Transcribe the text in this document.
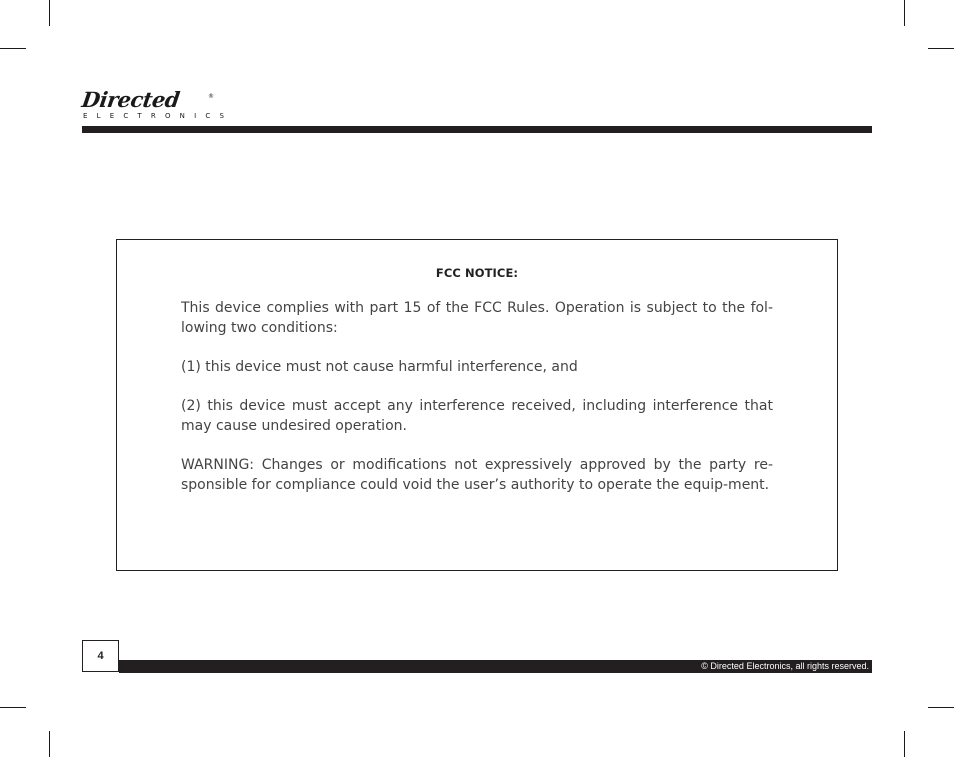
Directed	®
ELECTRONICS
FCC NOTICE:

This device complies with part 15 of the FCC Rules. Operation is subject to the fol-lowing two conditions:

(1) this device must not cause harmful interference, and

(2) this device must accept any interference received, including interference that may cause undesired operation.

WARNING: Changes or modifications not expressively approved by the party re-sponsible for compliance could void the user’s authority to operate the equip-ment.

4
© Directed Electronics, all rights reserved.
